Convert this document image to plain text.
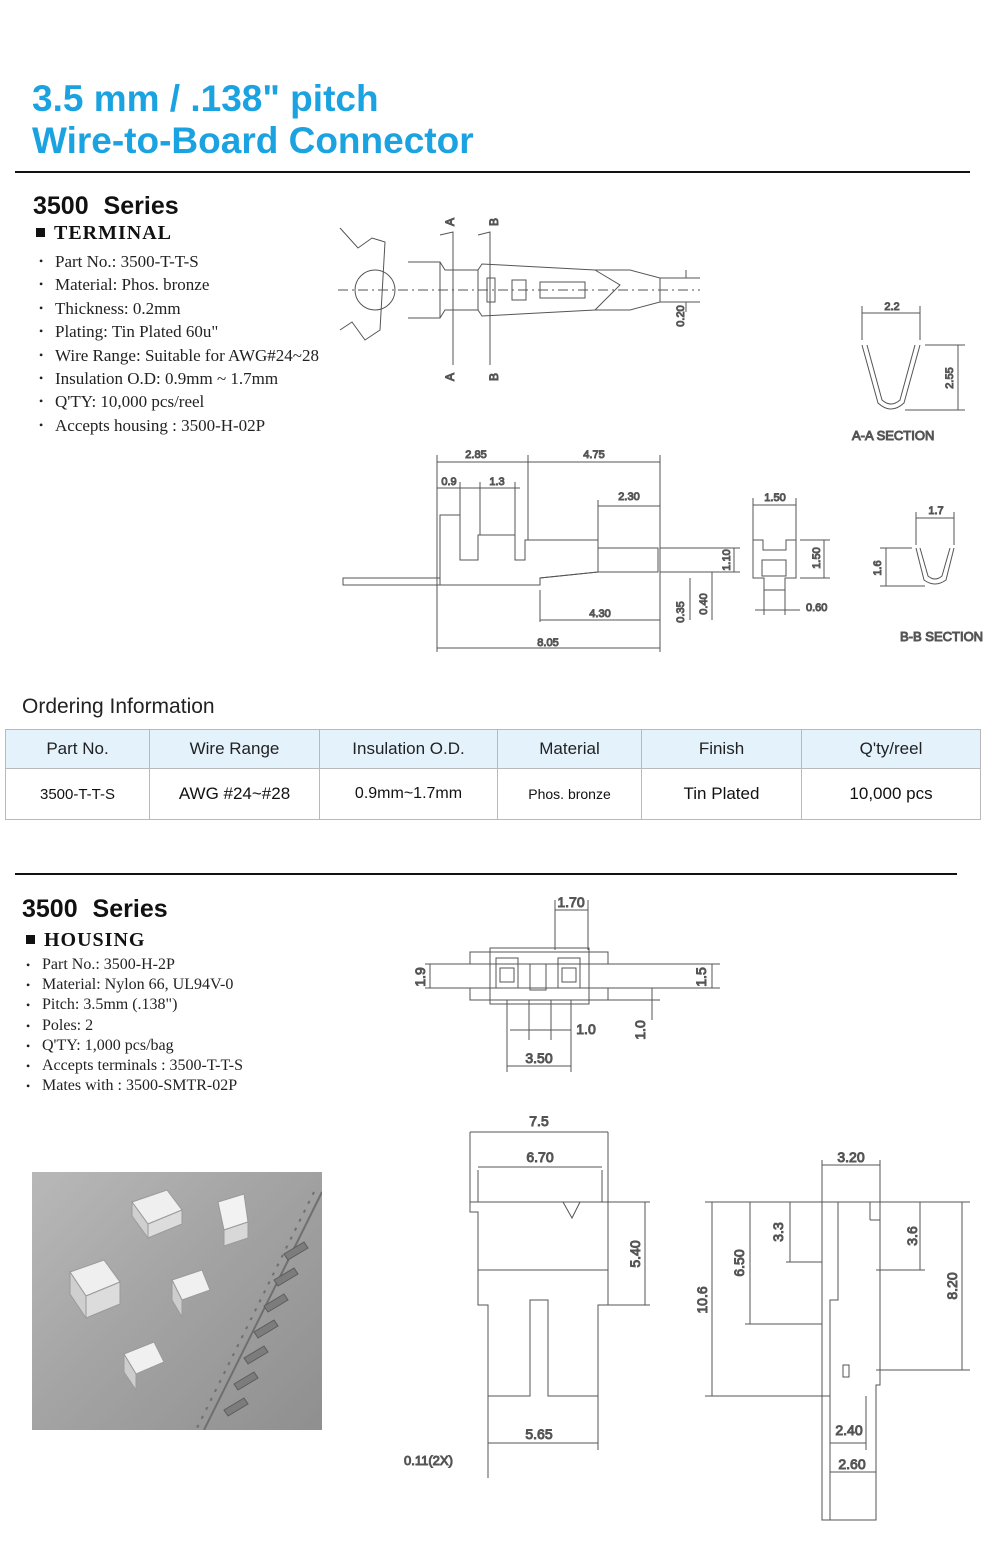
3.5 mm / .138" pitch
Wire-to-Board Connector
3500 Series
TERMINAL
• Part No.: 3500-T-T-S
• Material: Phos. bronze
• Thickness: 0.2mm
• Plating: Tin Plated 60u"
• Wire Range: Suitable for AWG#24~28
• Insulation O.D: 0.9mm ~ 1.7mm
• Q'TY: 10,000 pcs/reel
• Accepts housing : 3500-H-02P
A	B
A	B
0.20	2.2
2.55
A-A SECTION
2.85	4.75
0.9	1.3
2.30
1.10
0.35 0.40
4.30
8.05
1.50
1.50
0.60
1.7
1.6
B-B SECTION
Ordering Information
Part No.	Wire Range	Insulation O.D.	Material	Finish	Q'ty/reel
3500-T-T-S	AWG #24~#28	0.9mm~1.7mm	Phos. bronze	Tin Plated	10,000 pcs
3500 Series
HOUSING
• Part No.: 3500-H-2P
• Material: Nylon 66, UL94V-0
• Pitch: 3.5mm (.138")
• Poles: 2
• Q'TY: 1,000 pcs/bag
• Accepts terminals : 3500-T-T-S
• Mates with : 3500-SMTR-02P
1.70
1.9	1.5
1.0	1.0
3.50
7.5
6.70
5.40
5.65
0.11(2X)
3.20
3.3
6.50
3.6
10.6
8.20
2.40
2.60
